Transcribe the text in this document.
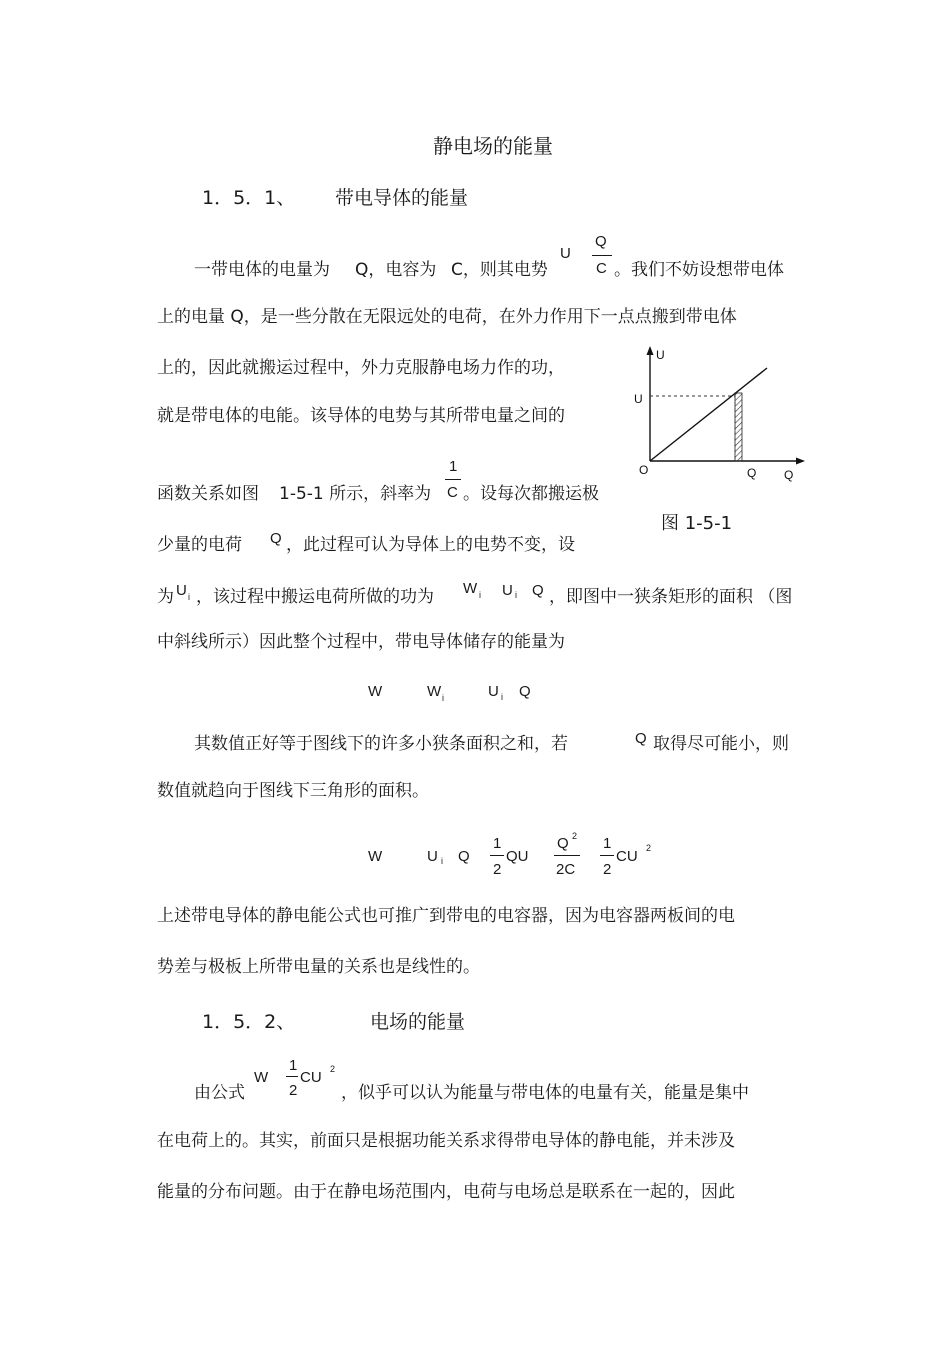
静电场的能量
1．5．1、 带电导体的能量
一带电体的电量为 Q，电容为 C，则其电势
U
Q
C 。我们不妨设想带电体
上的电量 Q，是一些分散在无限远处的电荷，在外力作用下一点点搬到带电体
上的，因此就搬运过程中，外力克服静电场力作的功，
就是带电体的电能。该导体的电势与其所带电量之间的
函数关系如图 1-5-1 所示，斜率为
1
C 。设每次都搬运极
少量的电荷 Q ，此过程可认为导体上的电势不变，设
为 U i ，该过程中搬运电荷所做的功为 W i U i Q ，即图中一狭条矩形的面积 （图
中斜线所示）因此整个过程中，带电导体储存的能量为
W	W i	U i Q
其数值正好等于图线下的许多小狭条面积之和，若	Q 取得尽可能小，则
数值就趋向于图线下三角形的面积。
W	U i Q
1
2
QU
Q 2
2C
1
2
CU 2
上述带电导体的静电能公式也可推广到带电的电容器，因为电容器两板间的电
势差与极板上所带电量的关系也是线性的。
1．5．2、	电场的能量
由公式
W
1
2
CU 2
，似乎可以认为能量与带电体的电量有关，能量是集中
在电荷上的。其实，前面只是根据功能关系求得带电导体的静电能，并未涉及
能量的分布问题。由于在静电场范围内，电荷与电场总是联系在一起的，因此
U
U
O	Q Q
图 1-5-1
